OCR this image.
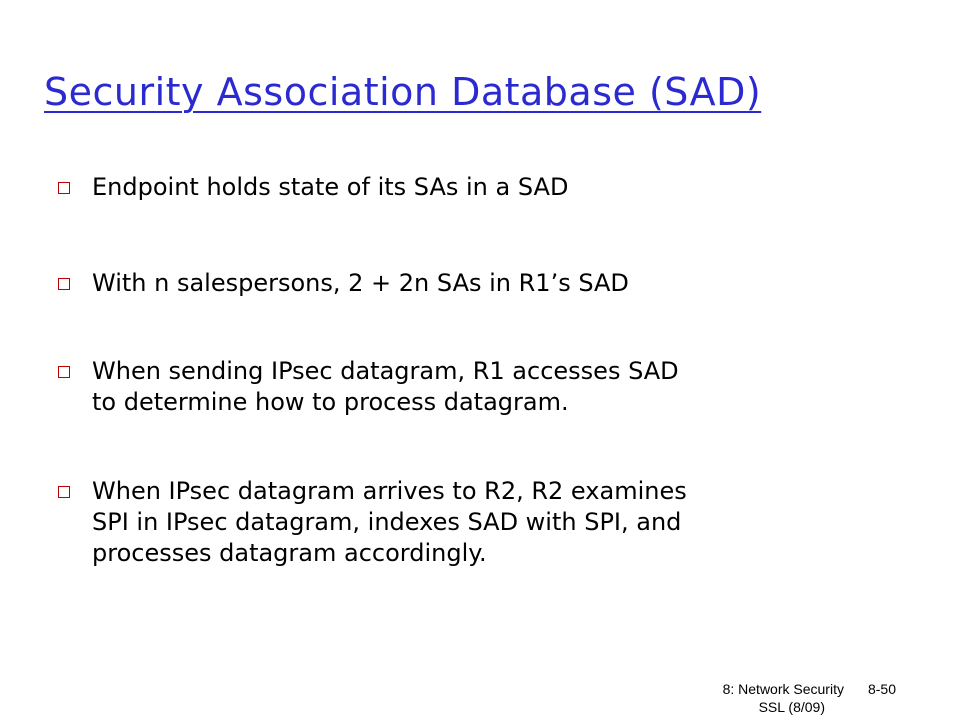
Security Association Database (SAD)
Endpoint holds state of its SAs in a SAD
With n salespersons, 2 + 2n SAs in R1’s SAD
When sending IPsec datagram, R1 accesses SAD
to determine how to process datagram.
When IPsec datagram arrives to R2, R2 examines
SPI in IPsec datagram, indexes SAD with SPI, and
processes datagram accordingly.
8: Network Security 8-50
SSL (8/09)
